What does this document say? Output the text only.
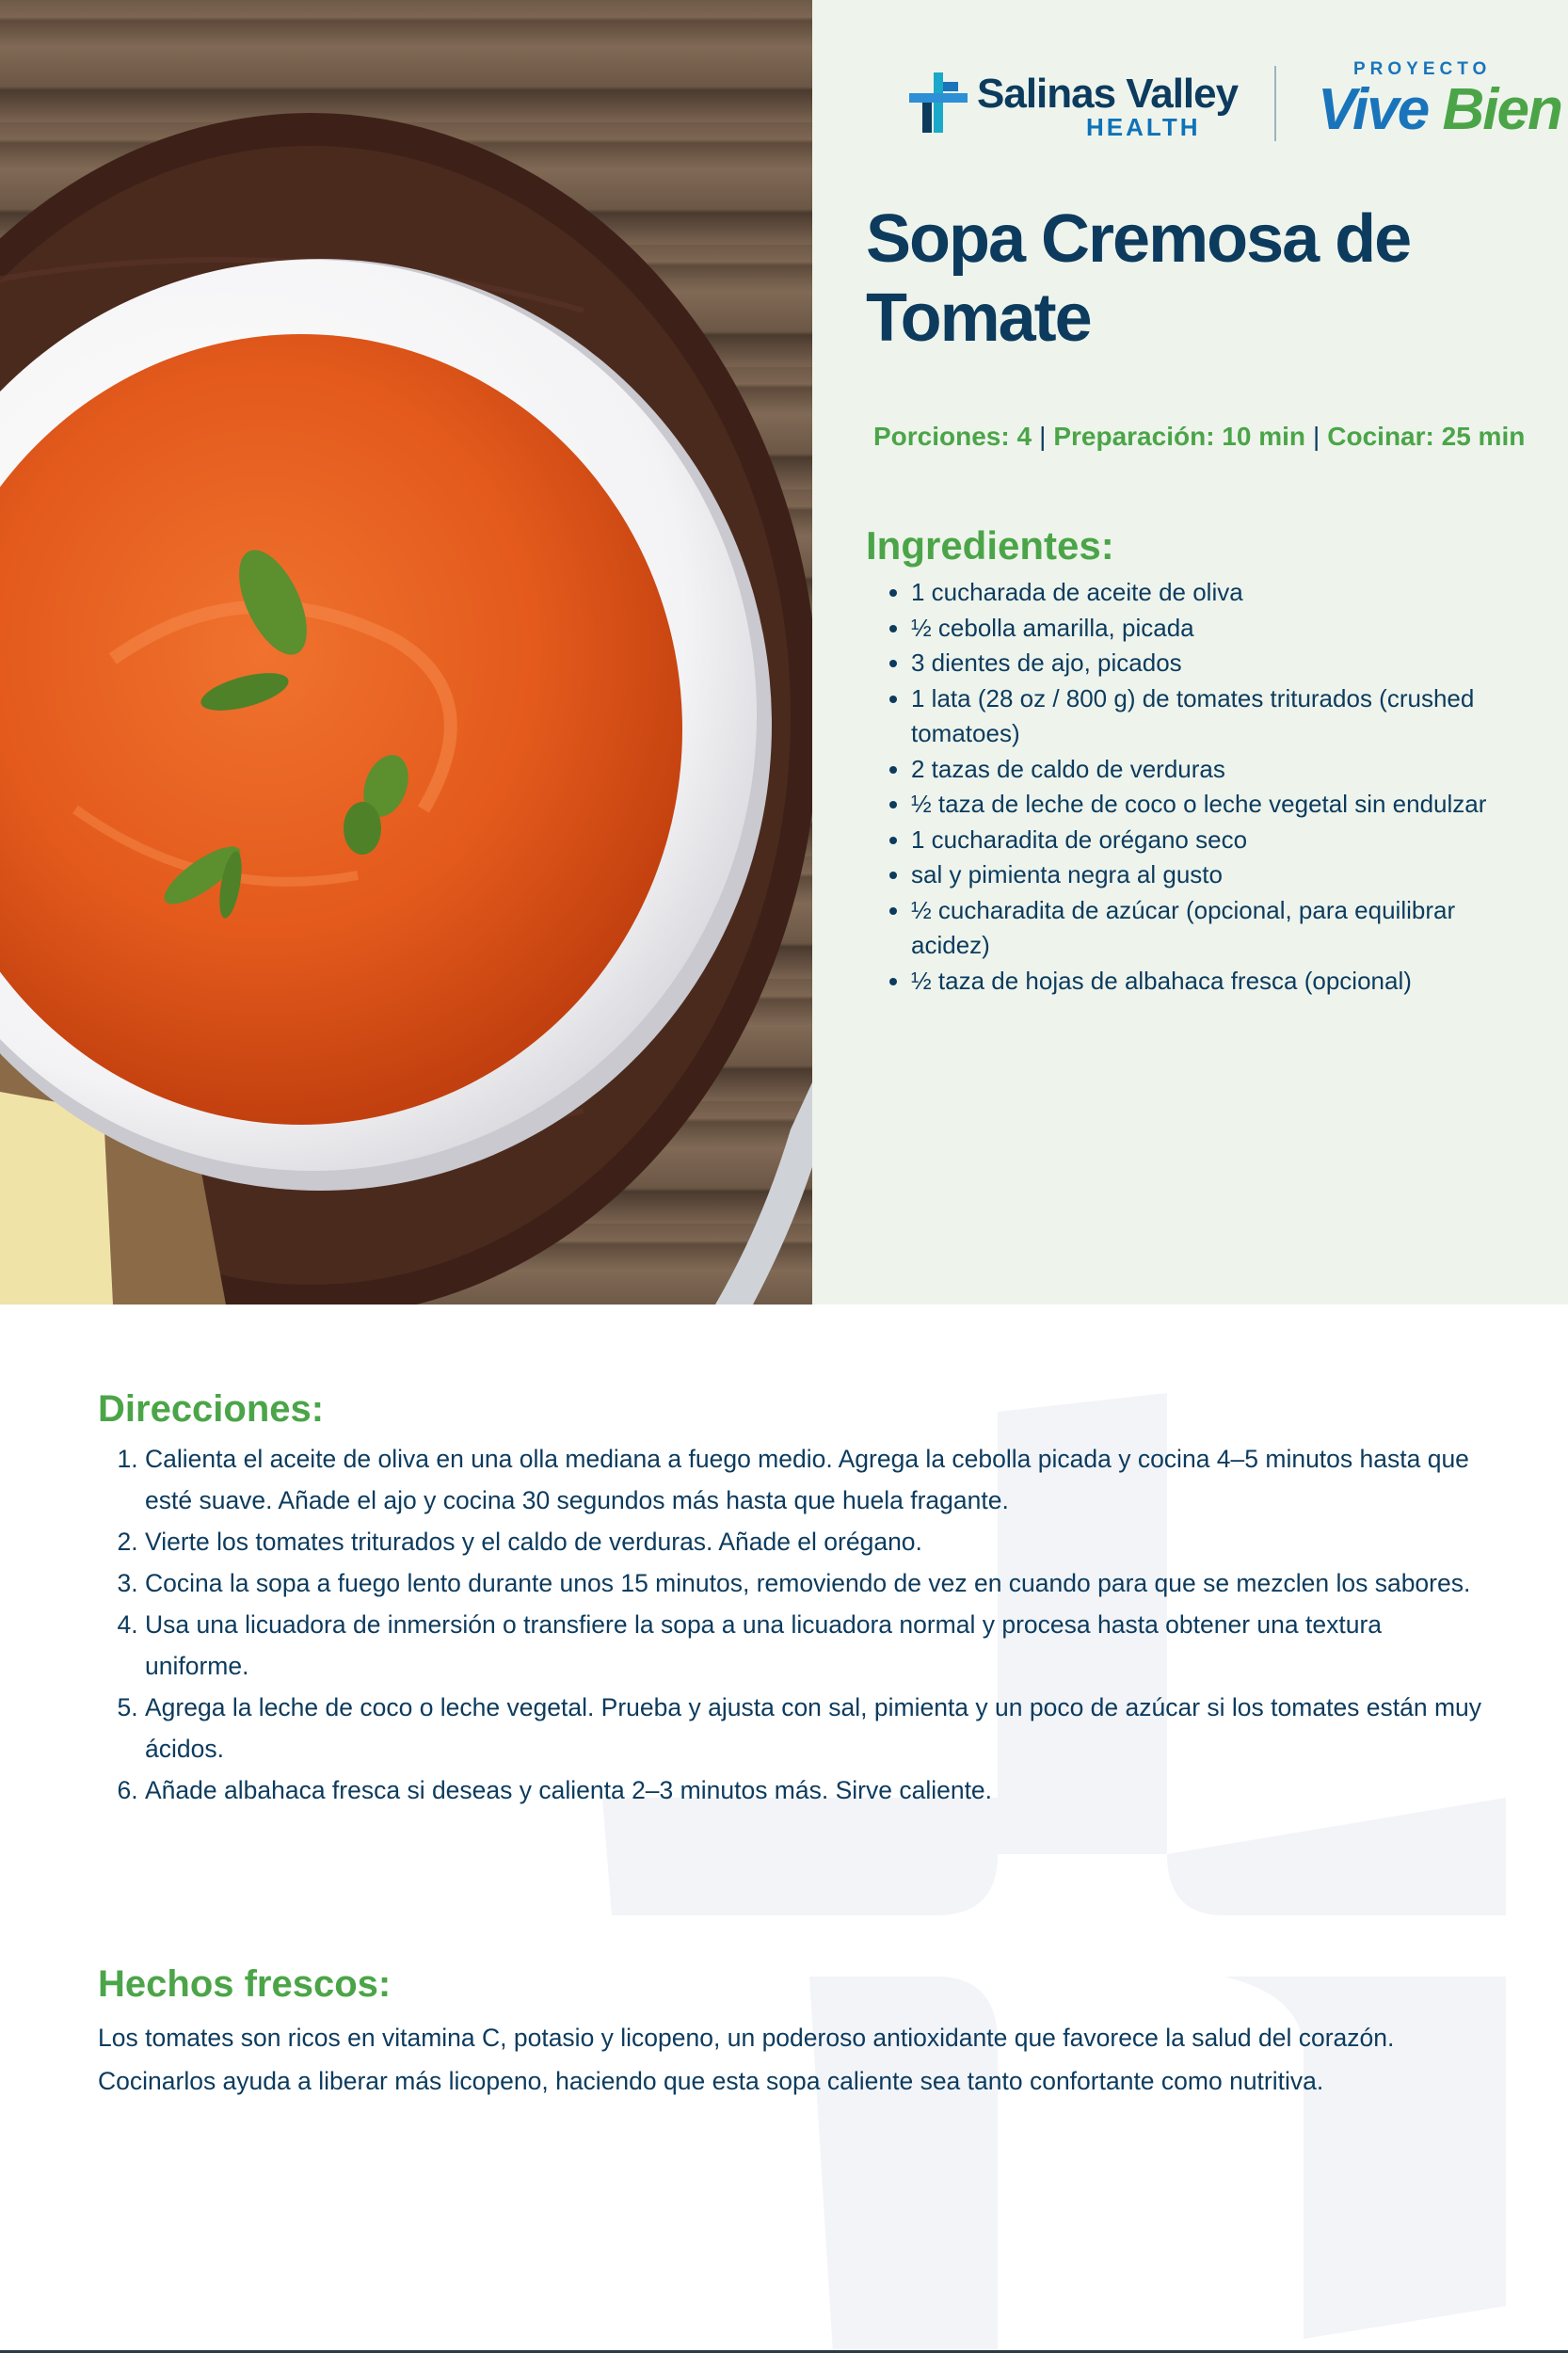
Salinas Valley
HEALTH
PROYECTO
Vive Bien
Sopa Cremosa de Tomate
Porciones: 4 | Preparación: 10 min | Cocinar: 25 min
Ingredientes:
• 1 cucharada de aceite de oliva
• ½ cebolla amarilla, picada
• 3 dientes de ajo, picados
• 1 lata (28 oz / 800 g) de tomates triturados (crushed tomatoes)
• 2 tazas de caldo de verduras
• ½ taza de leche de coco o leche vegetal sin endulzar
• 1 cucharadita de orégano seco
• sal y pimienta negra al gusto
• ½ cucharadita de azúcar (opcional, para equilibrar acidez)
• ½ taza de hojas de albahaca fresca (opcional)
Direcciones:
1. Calienta el aceite de oliva en una olla mediana a fuego medio. Agrega la cebolla picada y cocina 4–5 minutos hasta que esté suave. Añade el ajo y cocina 30 segundos más hasta que huela fragante.
2. Vierte los tomates triturados y el caldo de verduras. Añade el orégano.
3. Cocina la sopa a fuego lento durante unos 15 minutos, removiendo de vez en cuando para que se mezclen los sabores.
4. Usa una licuadora de inmersión o transfiere la sopa a una licuadora normal y procesa hasta obtener una textura uniforme.
5. Agrega la leche de coco o leche vegetal. Prueba y ajusta con sal, pimienta y un poco de azúcar si los tomates están muy ácidos.
6. Añade albahaca fresca si deseas y calienta 2–3 minutos más. Sirve caliente.
Hechos frescos:

Los tomates son ricos en vitamina C, potasio y licopeno, un poderoso antioxidante que favorece la salud del corazón. Cocinarlos ayuda a liberar más licopeno, haciendo que esta sopa caliente sea tanto confortante como nutritiva.
